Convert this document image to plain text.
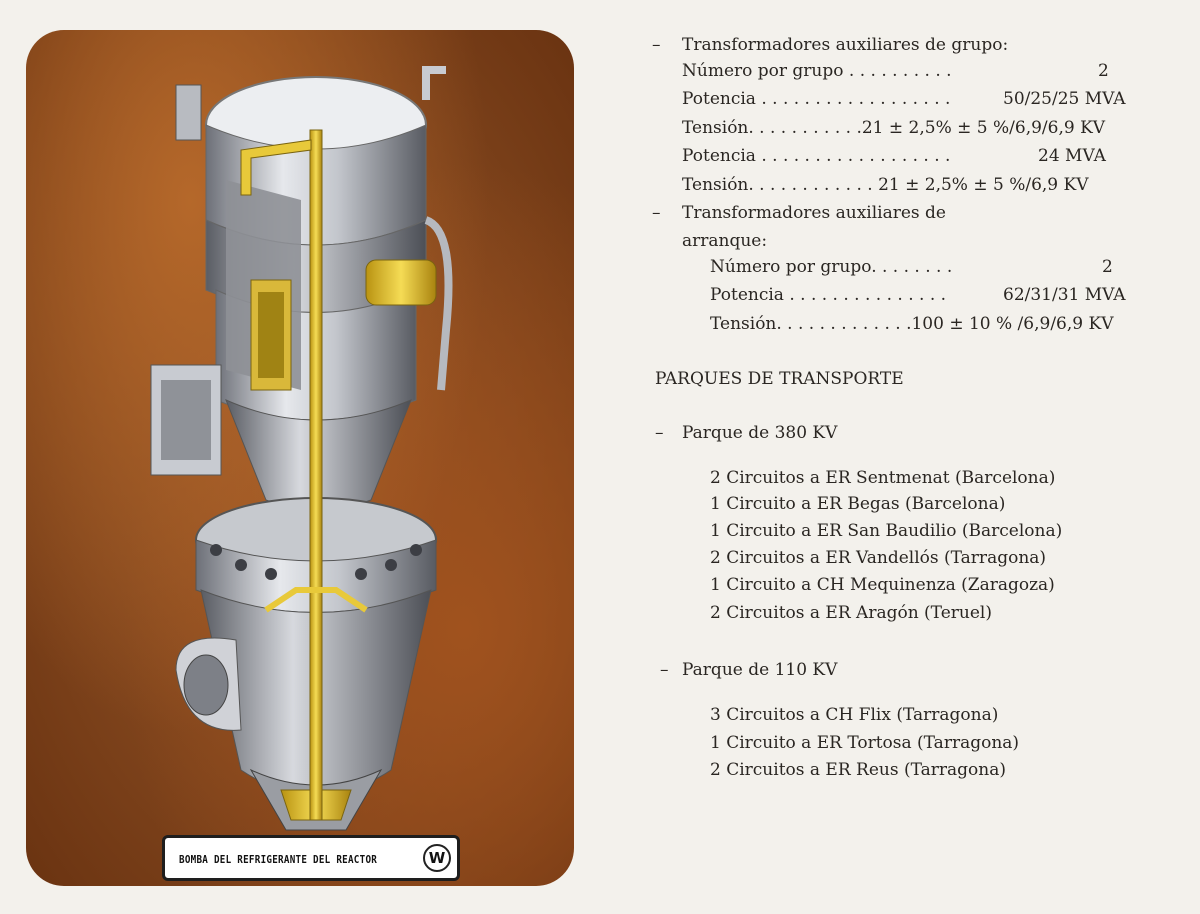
BOMBA DEL REFRIGERANTE DEL REACTOR	W
– Transformadores auxiliares de grupo:
Número por grupo . . . . . . . . . .	2
Potencia . . . . . . . . . . . . . . . . . .	50/25/25 MVA
Tensión. . . . . . . . . . .21 ± 2,5% ± 5 %/6,9/6,9 KV
Potencia . . . . . . . . . . . . . . . . . .	24 MVA
Tensión. . . . . . . . . . . . 21 ± 2,5% ± 5 %/6,9 KV
– Transformadores auxiliares de
arranque:
Número por grupo. . . . . . . .	2
Potencia . . . . . . . . . . . . . . .	62/31/31 MVA
Tensión. . . . . . . . . . . . .100 ± 10 % /6,9/6,9 KV
PARQUES DE TRANSPORTE
– Parque de 380 KV
2 Circuitos a ER Sentmenat (Barcelona)
1 Circuito a ER Begas (Barcelona)
1 Circuito a ER San Baudilio (Barcelona)
2 Circuitos a ER Vandellós (Tarragona)
1 Circuito a CH Mequinenza (Zaragoza)
2 Circuitos a ER Aragón (Teruel)
– Parque de 110 KV
3 Circuitos a CH Flix (Tarragona)
1 Circuito a ER Tortosa (Tarragona)
2 Circuitos a ER Reus (Tarragona)
